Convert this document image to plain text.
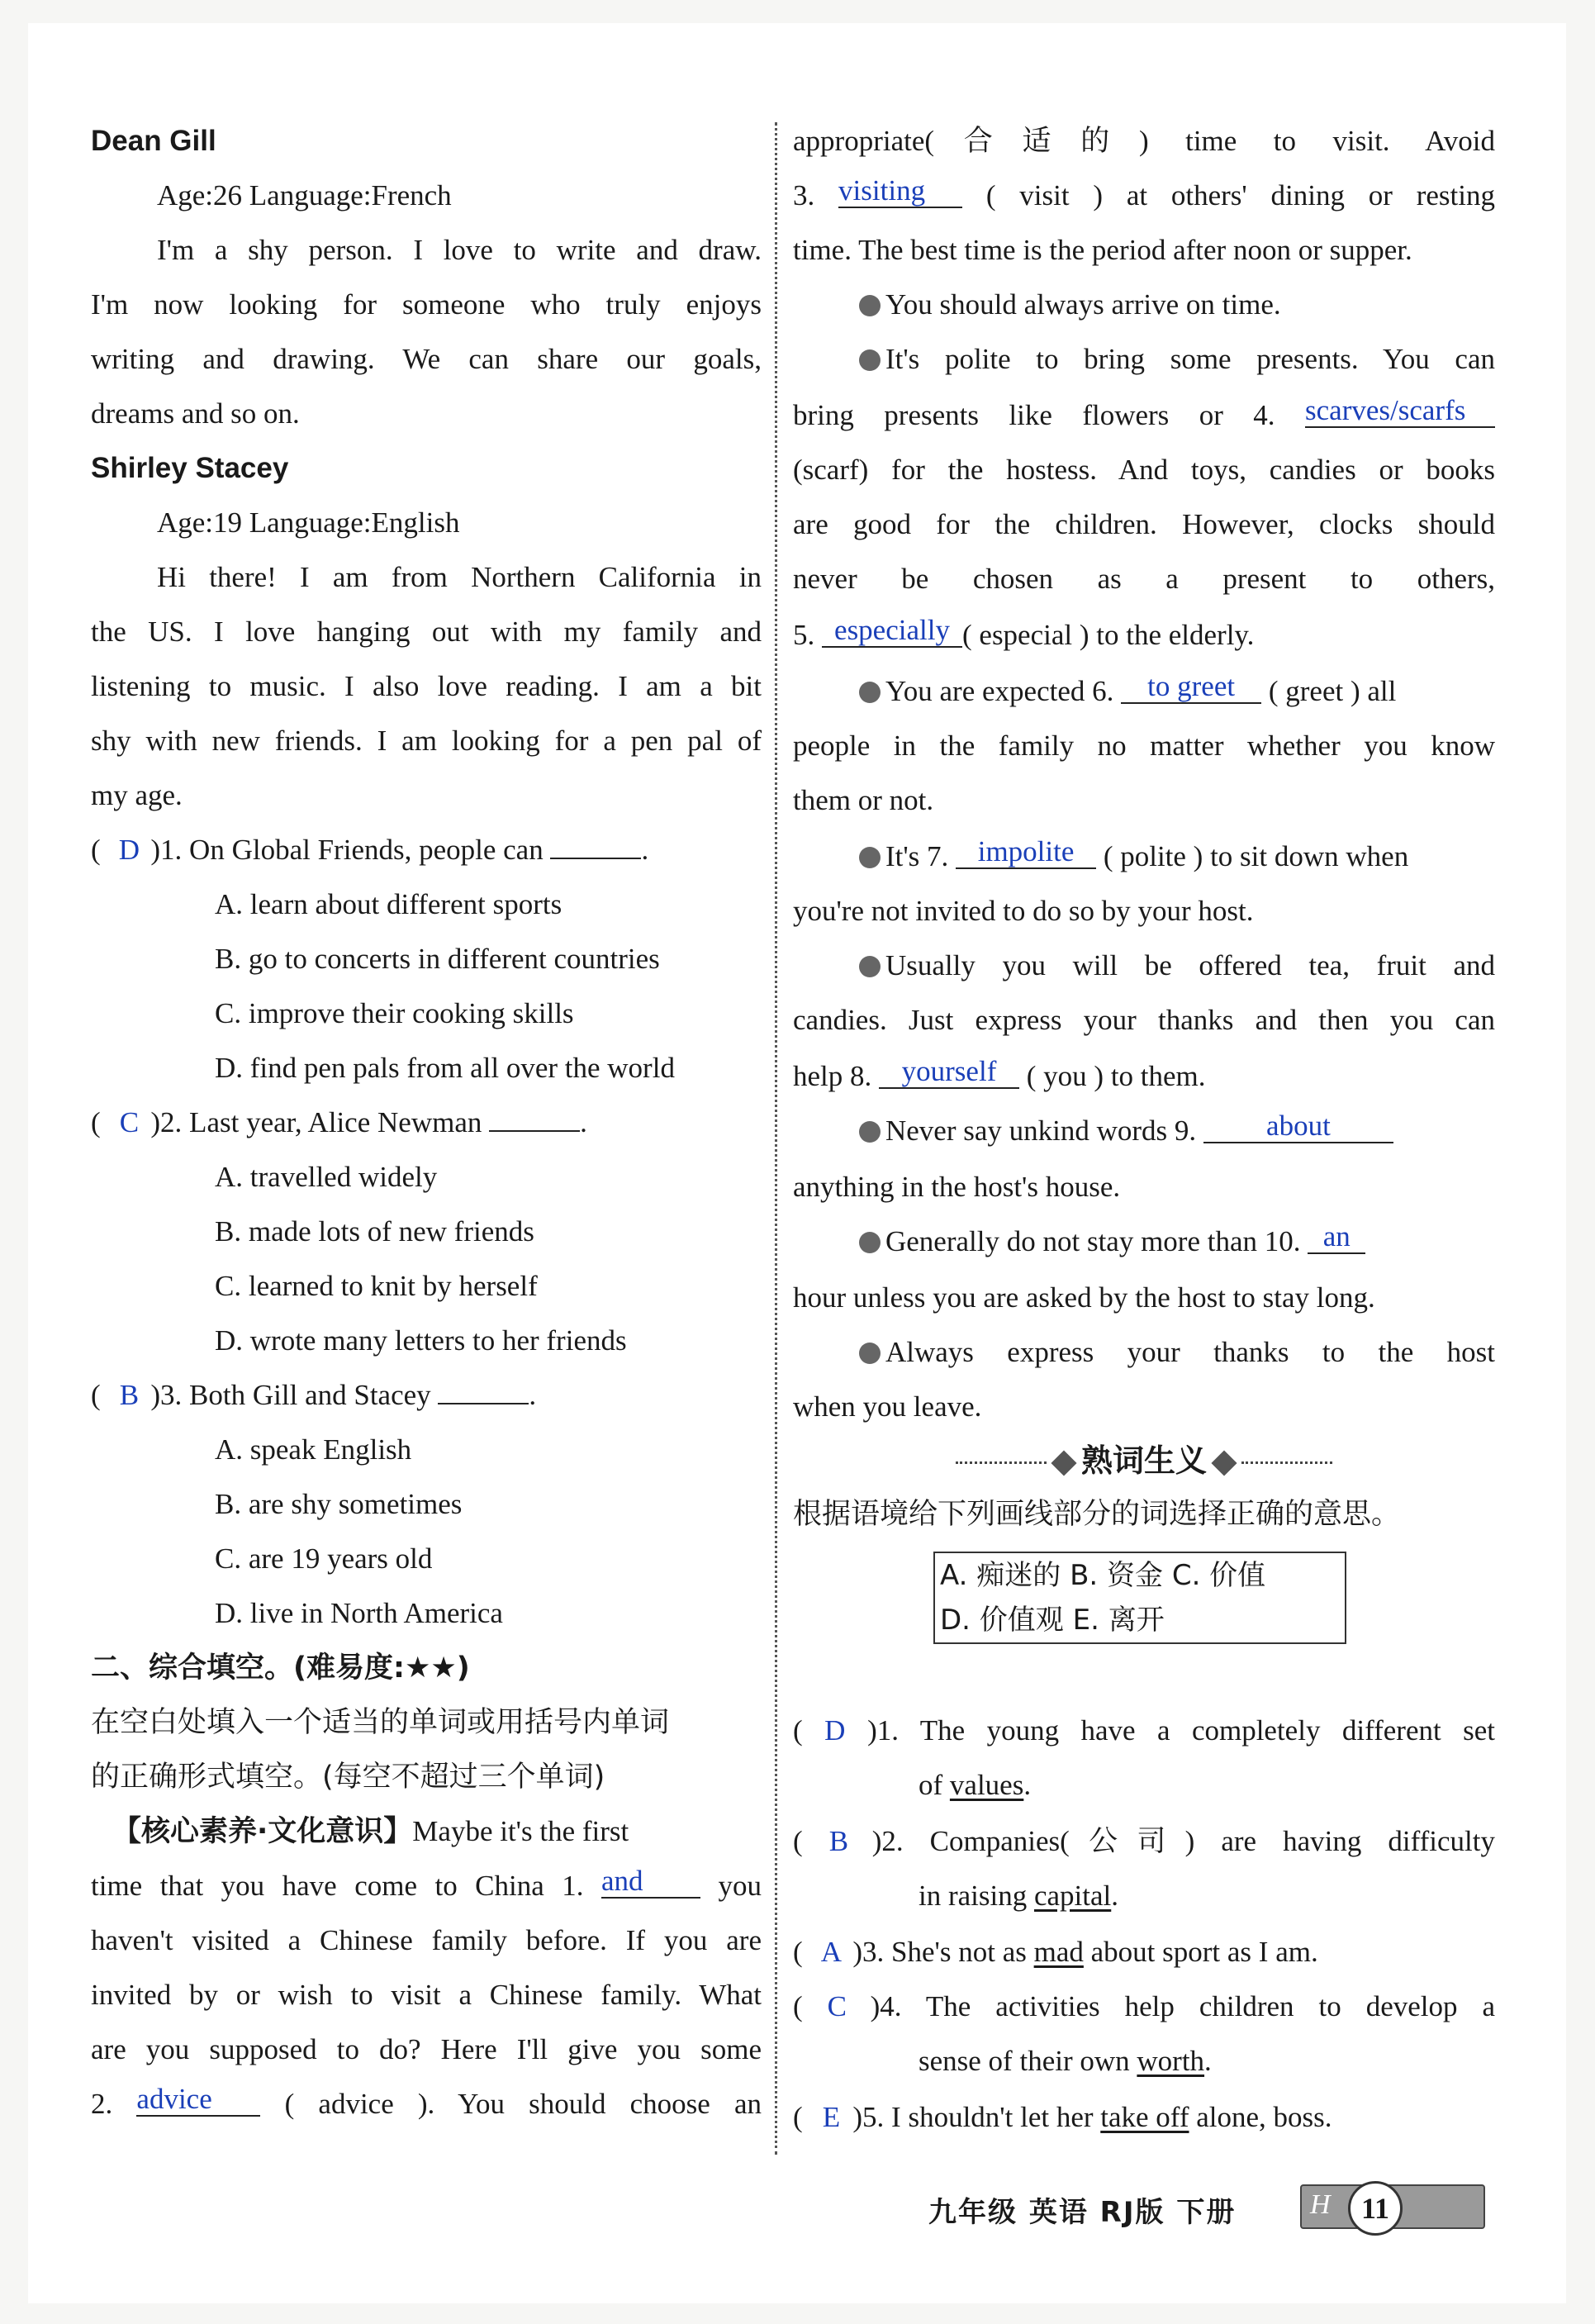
Dean Gill
Age:26 Language:French
I'm a shy person. I love to write and draw.
I'm now looking for someone who truly enjoys
writing and drawing. We can share our goals,
dreams and so on.
Shirley Stacey
Age:19 Language:English
Hi there! I am from Northern California in
the US. I love hanging out with my family and
listening to music. I also love reading. I am a bit
shy with new friends. I am looking for a pen pal of
my age.
( D )1. On Global Friends, people can	.
A. learn about different sports
B. go to concerts in different countries
C. improve their cooking skills
D. find pen pals from all over the world
( C )2. Last year, Alice Newman	.
A. travelled widely
B. made lots of new friends
C. learned to knit by herself
D. wrote many letters to her friends
( B )3. Both Gill and Stacey	.
A. speak English
B. are shy sometimes
C. are 19 years old
D. live in North America
二、综合填空。(难易度:★★)
在空白处填入一个适当的单词或用括号内单词
的正确形式填空。(每空不超过三个单词)
【核心素养·文化意识】Maybe it's the first
time that you have come to China 1. and	you
haven't visited a Chinese family before. If you are
invited by or wish to visit a Chinese family. What
are you supposed to do? Here I'll give you some
2. advice	( advice ). You should choose an
appropriate(合适的) time to visit. Avoid
3. visiting ( visit ) at others' dining or resting
time. The best time is the period after noon or supper.
You should always arrive on time.
It's polite to bring some presents. You can
bring presents like flowers or 4. scarves/scarfs
(scarf) for the hostess. And toys, candies or books
are good for the children. However, clocks should
never be chosen as a present to others,
5. especially ( especial ) to the elderly.
You are expected 6. to greet ( greet ) all
people in the family no matter whether you know
them or not.
It's 7. impolite ( polite ) to sit down when
you're not invited to do so by your host.
Usually you will be offered tea, fruit and
candies. Just express your thanks and then you can
help 8. yourself ( you ) to them.
Never say unkind words 9. about
anything in the host's house.
Generally do not stay more than 10. an
hour unless you are asked by the host to stay long.
Always express your thanks to the host
when you leave.
熟词生义
根据语境给下列画线部分的词选择正确的意思。
A. 痴迷的 B. 资金 C. 价值
D. 价值观 E. 离开
( D )1. The young have a completely different set
of values.
( B )2. Companies(公司) are having difficulty
in raising capital.
( A )3. She's not as mad about sport as I am.
( C )4. The activities help children to develop a
sense of their own worth.
( E )5. I shouldn't let her take off alone, boss.
九年级 英语 RJ版 下册	H	11
